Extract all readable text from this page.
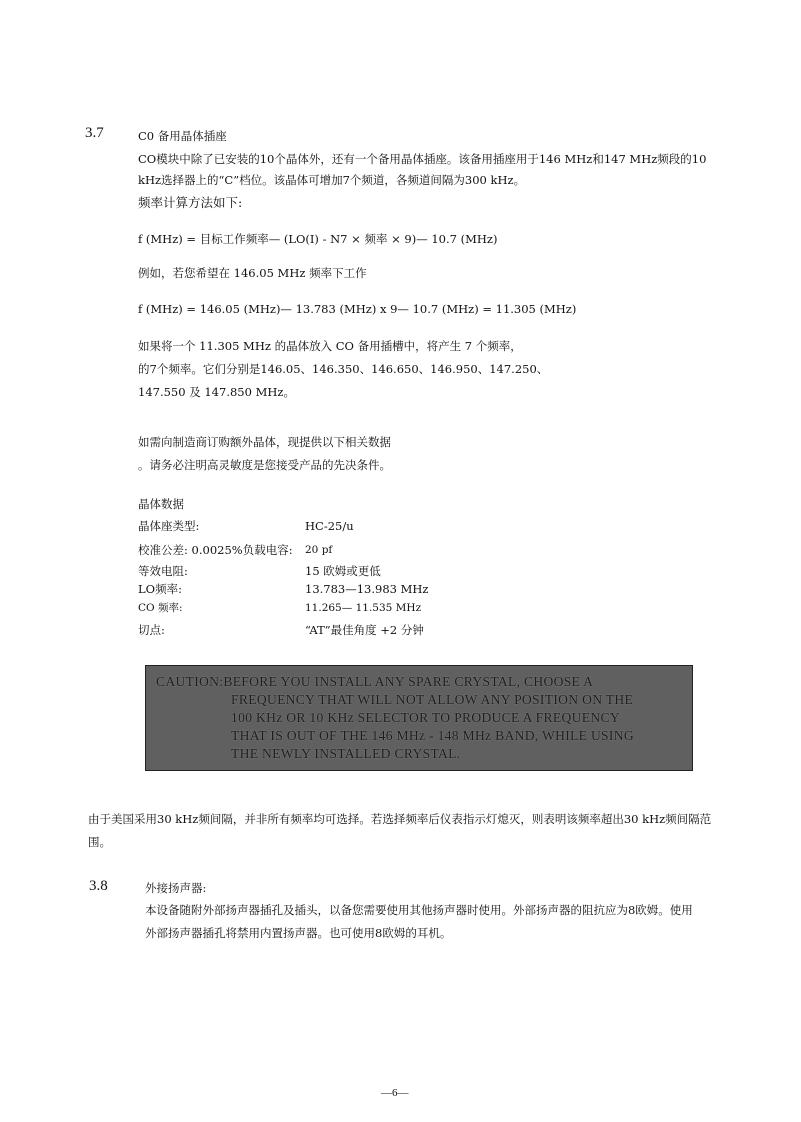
3.7	C0 备用晶体插座
CO模块中除了已安装的10个晶体外，还有一个备用晶体插座。该备用插座用于146 MHz和147 MHz频段的10
kHz选择器上的“C”档位。该晶体可增加7个频道，各频道间隔为300 kHz。
频率计算方法如下:
f (MHz) = 目标工作频率— (LO(I) - N7 × 频率 × 9)— 10.7 (MHz)
例如，若您希望在 146.05 MHz 频率下工作
f (MHz) = 146.05 (MHz)— 13.783 (MHz) x 9— 10.7 (MHz) = 11.305 (MHz)
如果将一个 11.305 MHz 的晶体放入 CO 备用插槽中，将产生 7 个频率，
的7个频率。它们分别是146.05、146.350、146.650、146.950、147.250、
147.550 及 147.850 MHz。
如需向制造商订购额外晶体，现提供以下相关数据
。请务必注明高灵敏度是您接受产品的先决条件。
晶体数据
晶体座类型:	HC-25/u
校准公差: 0.0025%负载电容: 20 pf
等效电阻:	15 欧姆或更低
LO频率:	13.783—13.983 MHz
CO 频率:	11.265— 11.535 MHz
切点:	“AT”最佳角度 +2 分钟
CAUTION:BEFORE YOU INSTALL ANY SPARE CRYSTAL, CHOOSE A
FREQUENCY THAT WILL NOT ALLOW ANY POSITION ON THE
100 KHz OR 10 KHz SELECTOR TO PRODUCE A FREQUENCY
THAT IS OUT OF THE 146 MHz - 148 MHz BAND, WHILE USING
THE NEWLY INSTALLED CRYSTAL.
由于美国采用30 kHz频间隔，并非所有频率均可选择。若选择频率后仪表指示灯熄灭，则表明该频率超出30 kHz频间隔范
围。
3.8	外接扬声器:
本设备随附外部扬声器插孔及插头，以备您需要使用其他扬声器时使用。外部扬声器的阻抗应为8欧姆。使用
外部扬声器插孔将禁用内置扬声器。也可使用8欧姆的耳机。
—6—
